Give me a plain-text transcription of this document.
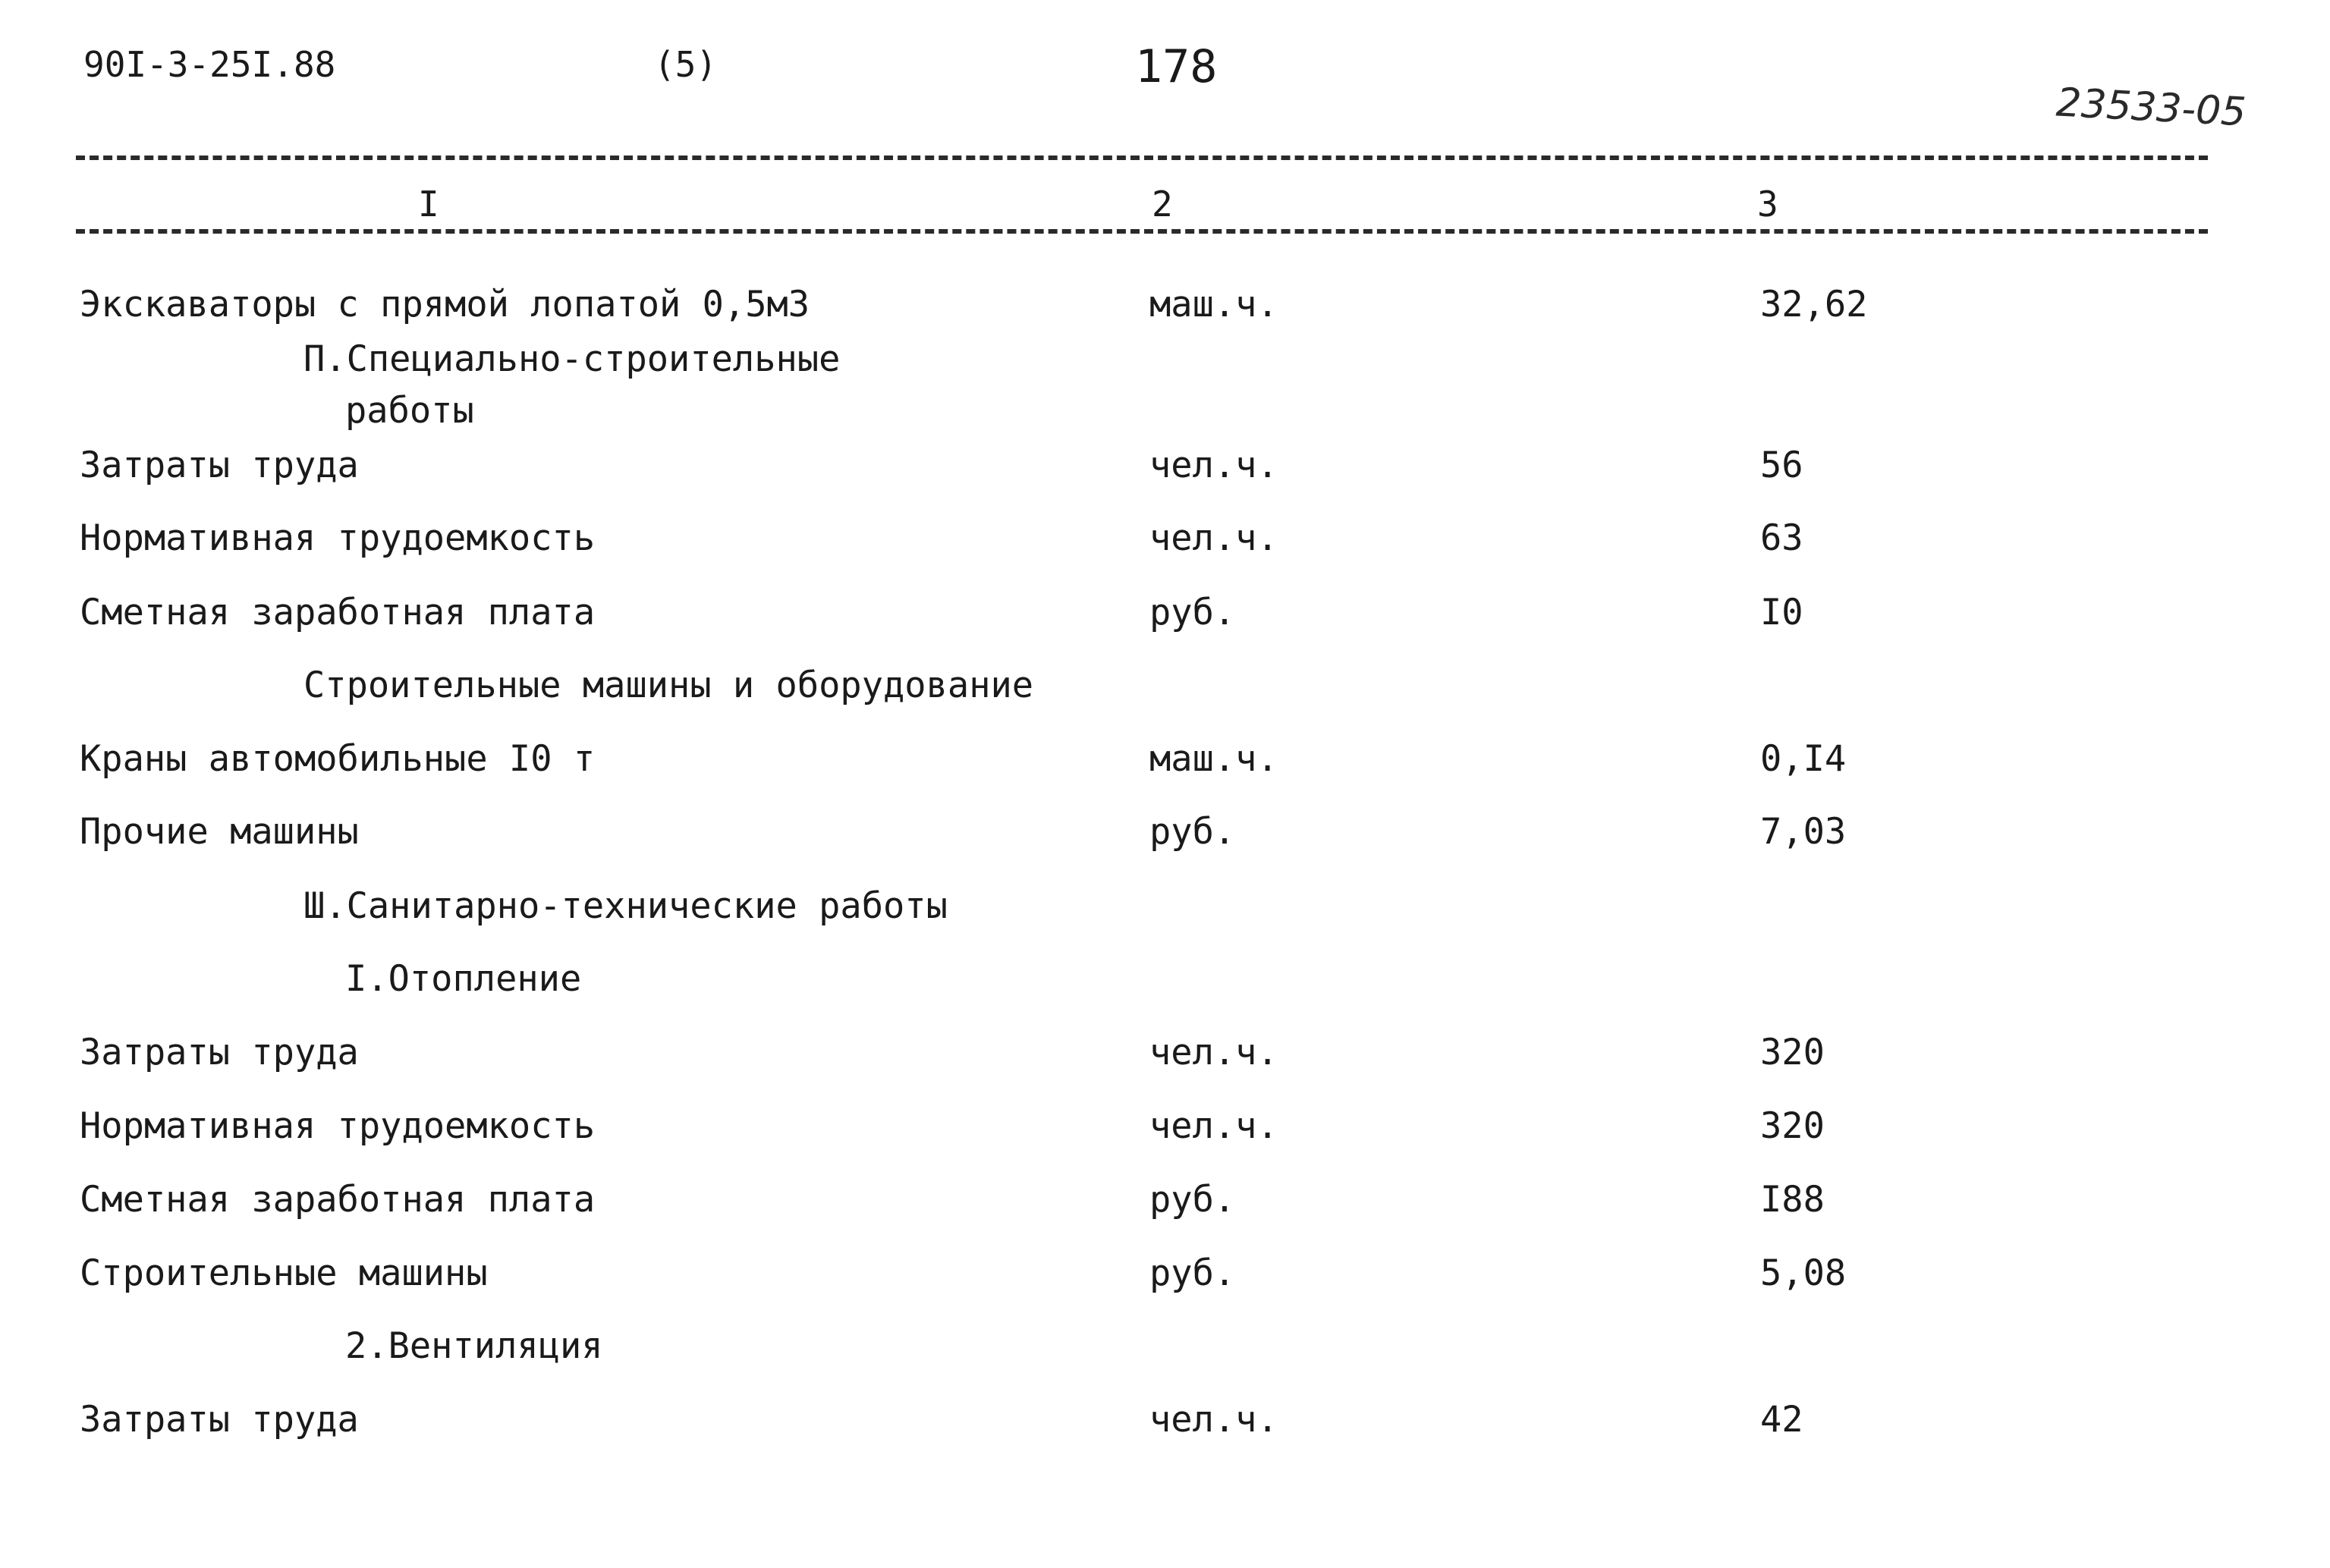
90I-3-25I.88	(5)	178
23533-05
I	2	3
Экскаваторы с прямой лопатой 0,5м3	маш.ч.	32,62
П.Специально-строительные
работы
Затраты труда	чел.ч.	56
Нормативная трудоемкость	чел.ч.	63
Сметная заработная плата	руб.	I0
Строительные машины и оборудование
Краны автомобильные I0 т	маш.ч.	0,I4
Прочие машины	руб.	7,03
Ш.Санитарно-технические работы
I.Отопление
Затраты труда	чел.ч.	320
Нормативная трудоемкость	чел.ч.	320
Сметная заработная плата	руб.	I88
Строительные машины	руб.	5,08
2.Вентиляция
Затраты труда	чел.ч.	42
